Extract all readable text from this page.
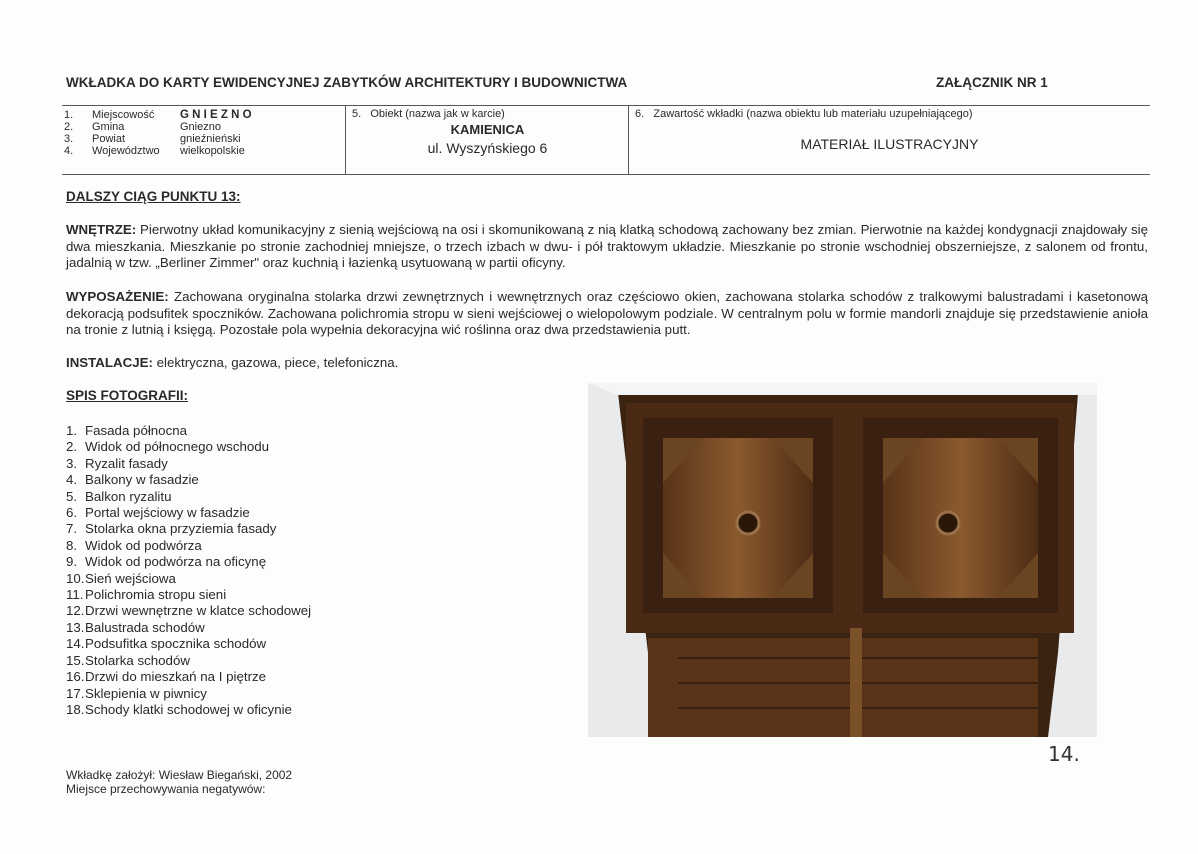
WKŁADKA DO KARTY EWIDENCYJNEJ ZABYTKÓW ARCHITEKTURY I BUDOWNICTWA	ZAŁĄCZNIK NR 1
1.	Miejscowość	G N I E Z N O
2.	Gmina	Gniezno
3.	Powiat	gnieźnieński
4.	Województwo	wielkopolskie
5. Obiekt (nazwa jak w karcie)
KAMIENICA
ul. Wyszyńskiego 6
6. Zawartość wkładki (nazwa obiektu lub materiału uzupełniającego)
MATERIAŁ ILUSTRACYJNY
DALSZY CIĄG PUNKTU 13:

WNĘTRZE: Pierwotny układ komunikacyjny z sienią wejściową na osi i skomunikowaną z nią klatką schodową zachowany bez zmian. Pierwotnie na każdej kondygnacji znajdowały się dwa mieszkania. Mieszkanie po stronie zachodniej mniejsze, o trzech izbach w dwu- i pół traktowym układzie. Mieszkanie po stronie wschodniej obszerniejsze, z salonem od frontu, jadalnią w tzw. „Berliner Zimmer" oraz kuchnią i łazienką usytuowaną w partii oficyny.

WYPOSAŻENIE: Zachowana oryginalna stolarka drzwi zewnętrznych i wewnętrznych oraz częściowo okien, zachowana stolarka schodów z tralkowymi balustradami i kasetonową dekoracją podsufitek spoczników. Zachowana polichromia stropu w sieni wejściowej o wielopolowym podziale. W centralnym polu w formie mandorli znajduje się przedstawienie anioła na tronie z lutnią i księgą. Pozostałe pola wypełnia dekoracyjna wić roślinna oraz dwa przedstawienia putt.

INSTALACJE: elektryczna, gazowa, piece, telefoniczna.

SPIS FOTOGRAFII:
1. Fasada północna
2. Widok od północnego wschodu
3. Ryzalit fasady
4. Balkony w fasadzie
5. Balkon ryzalitu
6. Portal wejściowy w fasadzie
7. Stolarka okna przyziemia fasady
8. Widok od podwórza
9. Widok od podwórza na oficynę
10.Sień wejściowa
11. Polichromia stropu sieni
12.Drzwi wewnętrzne w klatce schodowej
13.Balustrada schodów
14.Podsufitka spocznika schodów
15.Stolarka schodów
16.Drzwi do mieszkań na I piętrze
17.Sklepienia w piwnicy
18.Schody klatki schodowej w oficynie
14.
Wkładkę założył: Wiesław Biegański, 2002
Miejsce przechowywania negatywów:
